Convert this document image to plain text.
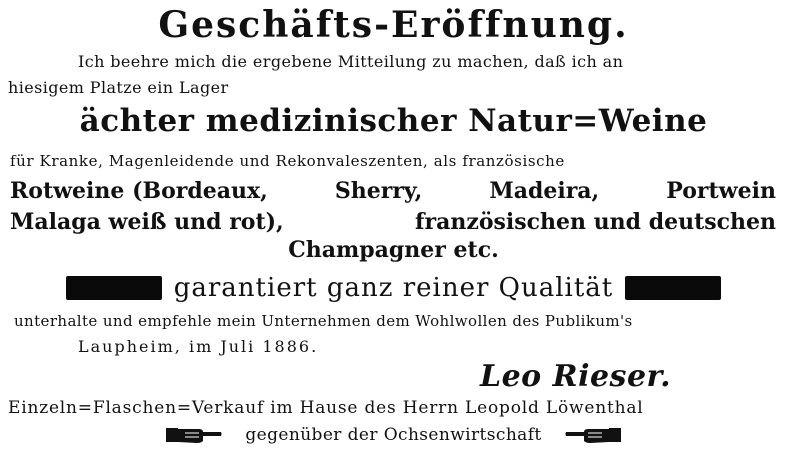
Geschäfts-Eröffnung.
Ich beehre mich die ergebene Mitteilung zu machen, daß ich an
hiesigem Platze ein Lager
ächter medizinischer Natur=Weine
für Kranke, Magenleidende und Rekonvaleszenten, als französische
Rotweine (Bordeaux,	Sherry,	Madeira,	Portwein
Malaga weiß und rot),	französischen und deutschen
Champagner etc.
garantiert ganz reiner Qualität
unterhalte und empfehle mein Unternehmen dem Wohlwollen des Publikum's
Laupheim, im Juli 1886.
Leo Rieser.
Einzeln=Flaschen=Verkauf im Hause des Herrn Leopold Löwenthal
gegenüber der Ochsenwirtschaft
